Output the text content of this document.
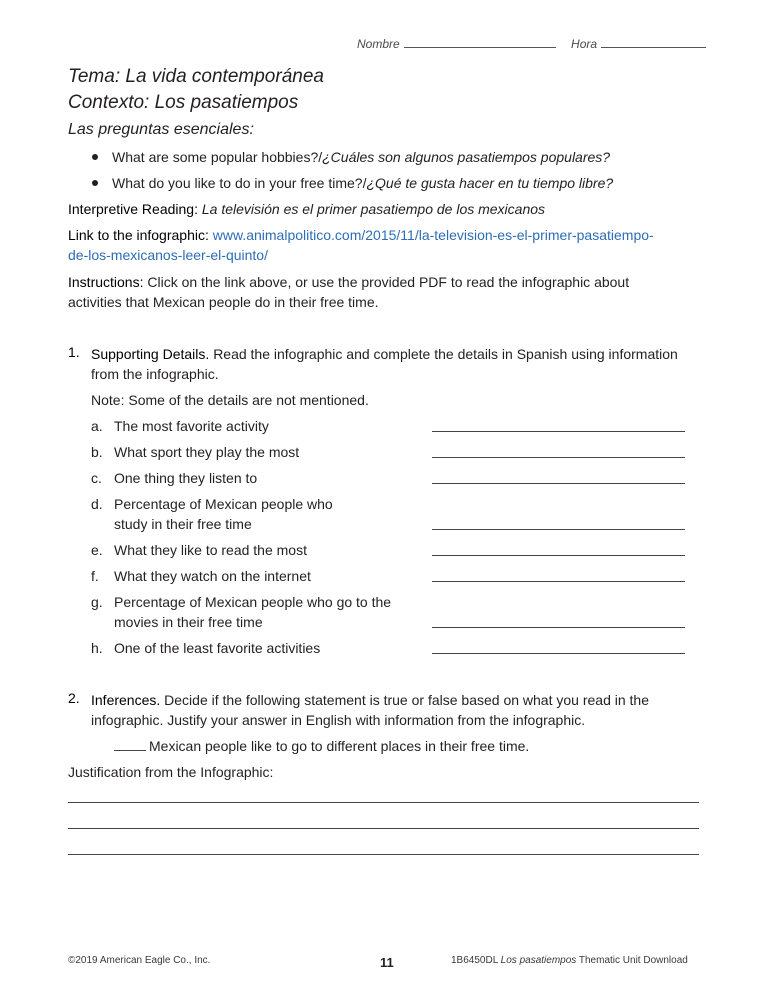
Nombre	Hora
Tema: La vida contemporánea
Contexto: Los pasatiempos
Las preguntas esenciales:
What are some popular hobbies?/¿Cuáles son algunos pasatiempos populares?
What do you like to do in your free time?/¿Qué te gusta hacer en tu tiempo libre?
Interpretive Reading: La televisión es el primer pasatiempo de los mexicanos
Link to the infographic: www.animalpolitico.com/2015/11/la-television-es-el-primer-pasatiempo-
de-los-mexicanos-leer-el-quinto/
Instructions: Click on the link above, or use the provided PDF to read the infographic about
activities that Mexican people do in their free time.
1. Supporting Details. Read the infographic and complete the details in Spanish using information
from the infographic.
Note: Some of the details are not mentioned.
a. The most favorite activity
b. What sport they play the most
c. One thing they listen to
d. Percentage of Mexican people who
study in their free time
e. What they like to read the most
f. What they watch on the internet
g. Percentage of Mexican people who go to the
movies in their free time
h. One of the least favorite activities
2. Inferences. Decide if the following statement is true or false based on what you read in the
infographic. Justify your answer in English with information from the infographic.
Mexican people like to go to different places in their free time.
Justification from the Infographic:
©2019 American Eagle Co., Inc.	11	1B6450DL Los pasatiempos Thematic Unit Download
